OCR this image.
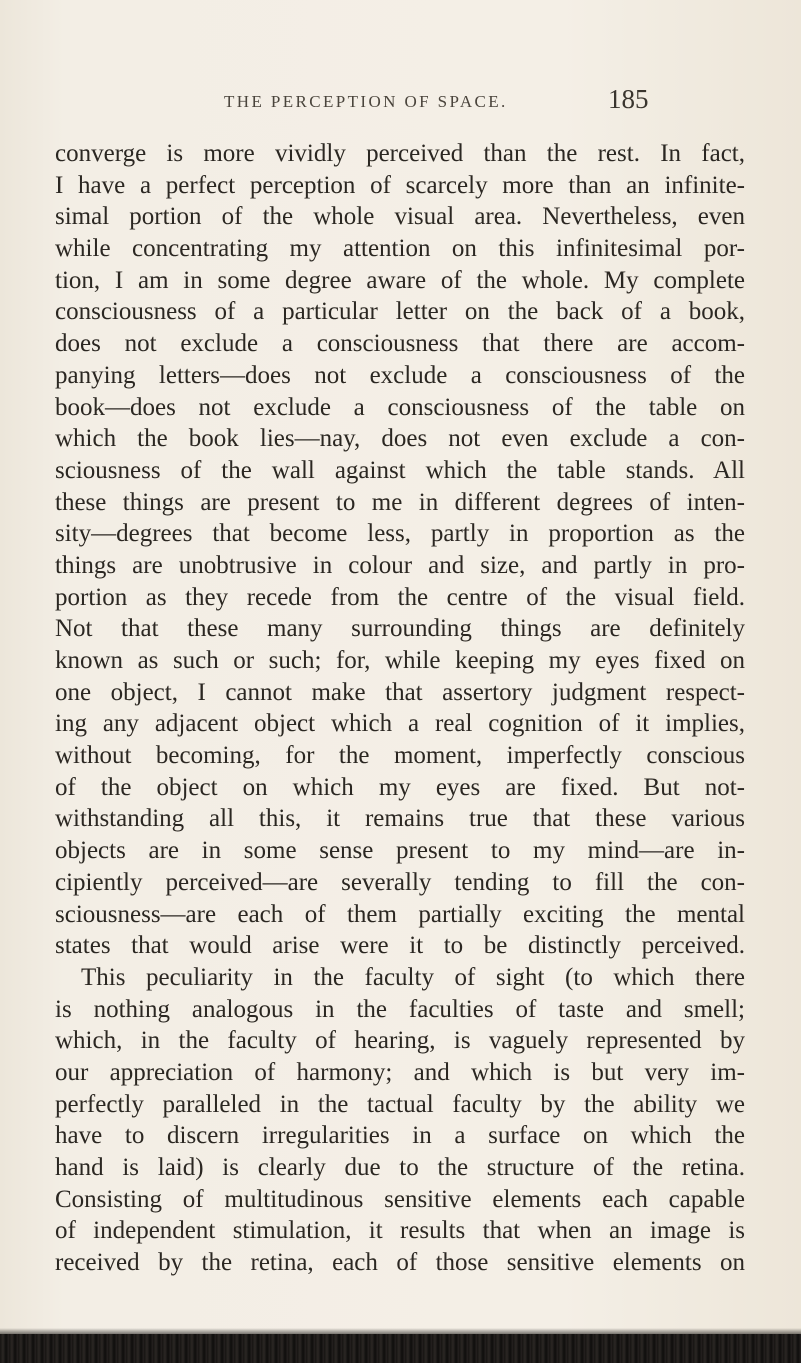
THE PERCEPTION OF SPACE.	185
converge is more vividly perceived than the rest. In fact,
I have a perfect perception of scarcely more than an infinite-
simal portion of the whole visual area. Nevertheless, even
while concentrating my attention on this infinitesimal por-
tion, I am in some degree aware of the whole. My complete
consciousness of a particular letter on the back of a book,
does not exclude a consciousness that there are accom-
panying letters—does not exclude a consciousness of the
book—does not exclude a consciousness of the table on
which the book lies—nay, does not even exclude a con-
sciousness of the wall against which the table stands. All
these things are present to me in different degrees of inten-
sity—degrees that become less, partly in proportion as the
things are unobtrusive in colour and size, and partly in pro-
portion as they recede from the centre of the visual field.
Not that these many surrounding things are definitely
known as such or such; for, while keeping my eyes fixed on
one object, I cannot make that assertory judgment respect-
ing any adjacent object which a real cognition of it implies,
without becoming, for the moment, imperfectly conscious
of the object on which my eyes are fixed. But not-
withstanding all this, it remains true that these various
objects are in some sense present to my mind—are in-
cipiently perceived—are severally tending to fill the con-
sciousness—are each of them partially exciting the mental
states that would arise were it to be distinctly perceived.
This peculiarity in the faculty of sight (to which there
is nothing analogous in the faculties of taste and smell;
which, in the faculty of hearing, is vaguely represented by
our appreciation of harmony; and which is but very im-
perfectly paralleled in the tactual faculty by the ability we
have to discern irregularities in a surface on which the
hand is laid) is clearly due to the structure of the retina.
Consisting of multitudinous sensitive elements each capable
of independent stimulation, it results that when an image is
received by the retina, each of those sensitive elements on
